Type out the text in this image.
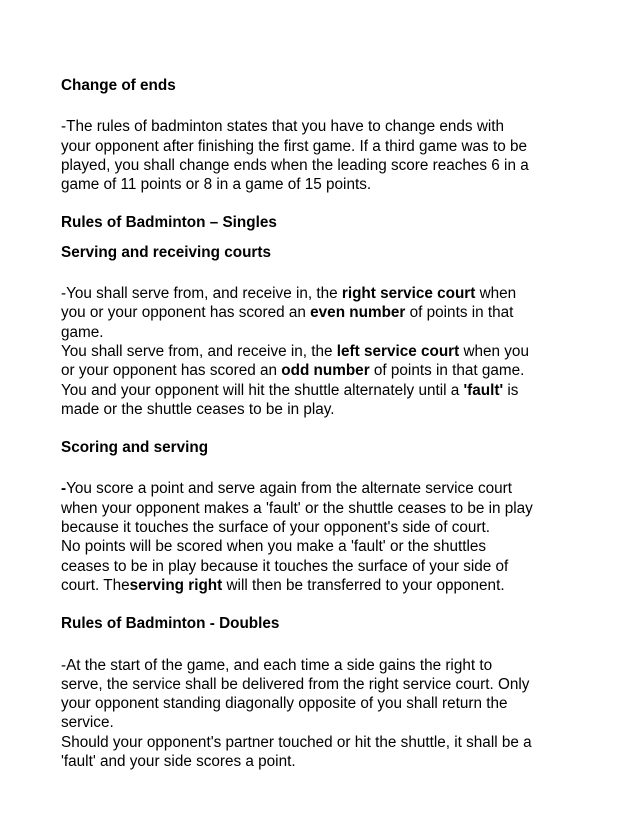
Change of ends

-The rules of badminton states that you have to change ends with
your opponent after finishing the first game. If a third game was to be
played, you shall change ends when the leading score reaches 6 in a
game of 11 points or 8 in a game of 15 points.

Rules of Badminton – Singles

Serving and receiving courts

-You shall serve from, and receive in, the right service court when
you or your opponent has scored an even number of points in that
game.
You shall serve from, and receive in, the left service court when you
or your opponent has scored an odd number of points in that game.
You and your opponent will hit the shuttle alternately until a 'fault' is
made or the shuttle ceases to be in play.

Scoring and serving

-You score a point and serve again from the alternate service court
when your opponent makes a 'fault' or the shuttle ceases to be in play
because it touches the surface of your opponent's side of court.
No points will be scored when you make a 'fault' or the shuttles
ceases to be in play because it touches the surface of your side of
court. Theserving right will then be transferred to your opponent.

Rules of Badminton - Doubles

-At the start of the game, and each time a side gains the right to
serve, the service shall be delivered from the right service court. Only
your opponent standing diagonally opposite of you shall return the
service.
Should your opponent's partner touched or hit the shuttle, it shall be a
'fault' and your side scores a point.
